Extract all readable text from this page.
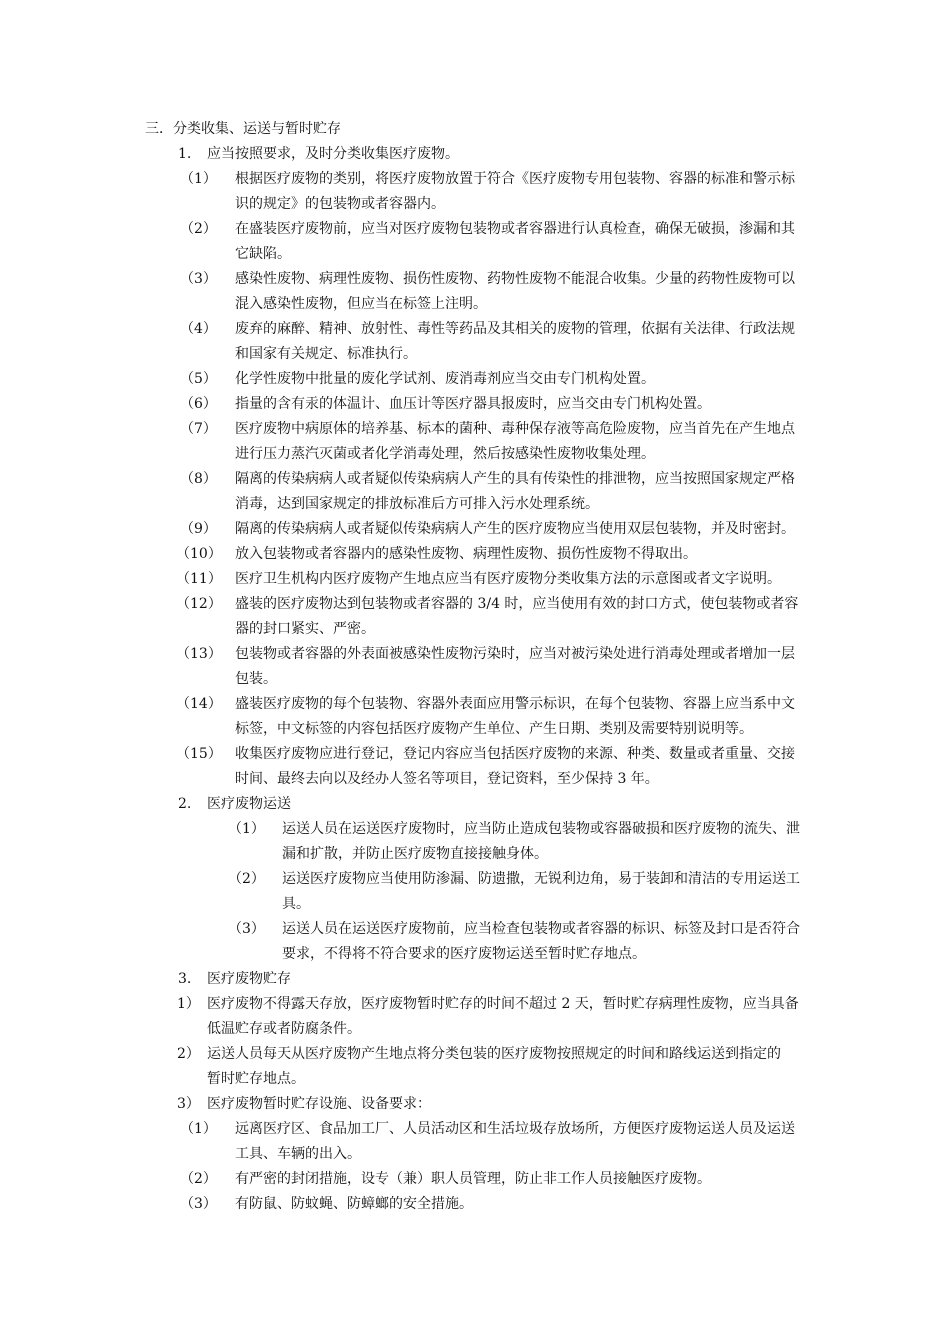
三．分类收集、运送与暂时贮存
1. 应当按照要求，及时分类收集医疗废物。
（1） 根据医疗废物的类别，将医疗废物放置于符合《医疗废物专用包装物、容器的标准和警示标
识的规定》的包装物或者容器内。
（2） 在盛装医疗废物前，应当对医疗废物包装物或者容器进行认真检查，确保无破损，渗漏和其
它缺陷。
（3） 感染性废物、病理性废物、损伤性废物、药物性废物不能混合收集。少量的药物性废物可以
混入感染性废物，但应当在标签上注明。
（4） 废弃的麻醉、精神、放射性、毒性等药品及其相关的废物的管理，依据有关法律、行政法规
和国家有关规定、标准执行。
（5） 化学性废物中批量的废化学试剂、废消毒剂应当交由专门机构处置。
（6） 指量的含有汞的体温计、血压计等医疗器具报废时，应当交由专门机构处置。
（7） 医疗废物中病原体的培养基、标本的菌种、毒种保存液等高危险废物，应当首先在产生地点
进行压力蒸汽灭菌或者化学消毒处理，然后按感染性废物收集处理。
（8） 隔离的传染病病人或者疑似传染病病人产生的具有传染性的排泄物，应当按照国家规定严格
消毒，达到国家规定的排放标准后方可排入污水处理系统。
（9） 隔离的传染病病人或者疑似传染病病人产生的医疗废物应当使用双层包装物，并及时密封。
（10） 放入包装物或者容器内的感染性废物、病理性废物、损伤性废物不得取出。
（11） 医疗卫生机构内医疗废物产生地点应当有医疗废物分类收集方法的示意图或者文字说明。
（12） 盛装的医疗废物达到包装物或者容器的 3/4 时，应当使用有效的封口方式，使包装物或者容
器的封口紧实、严密。
（13） 包装物或者容器的外表面被感染性废物污染时，应当对被污染处进行消毒处理或者增加一层
包装。
（14） 盛装医疗废物的每个包装物、容器外表面应用警示标识，在每个包装物、容器上应当系中文
标签，中文标签的内容包括医疗废物产生单位、产生日期、类别及需要特别说明等。
（15） 收集医疗废物应进行登记，登记内容应当包括医疗废物的来源、种类、数量或者重量、交接
时间、最终去向以及经办人签名等项目，登记资料，至少保持 3 年。
2. 医疗废物运送
（1） 运送人员在运送医疗废物时，应当防止造成包装物或容器破损和医疗废物的流失、泄
漏和扩散，并防止医疗废物直接接触身体。
（2） 运送医疗废物应当使用防渗漏、防遗撒，无锐利边角，易于装卸和清洁的专用运送工
具。
（3） 运送人员在运送医疗废物前，应当检查包装物或者容器的标识、标签及封口是否符合
要求，不得将不符合要求的医疗废物运送至暂时贮存地点。
3. 医疗废物贮存
1） 医疗废物不得露天存放，医疗废物暂时贮存的时间不超过 2 天，暂时贮存病理性废物，应当具备
低温贮存或者防腐条件。
2） 运送人员每天从医疗废物产生地点将分类包装的医疗废物按照规定的时间和路线运送到指定的
暂时贮存地点。
3） 医疗废物暂时贮存设施、设备要求：
（1） 远离医疗区、食品加工厂、人员活动区和生活垃圾存放场所，方便医疗废物运送人员及运送
工具、车辆的出入。
（2） 有严密的封闭措施，设专（兼）职人员管理，防止非工作人员接触医疗废物。
（3） 有防鼠、防蚊蝇、防蟑螂的安全措施。
